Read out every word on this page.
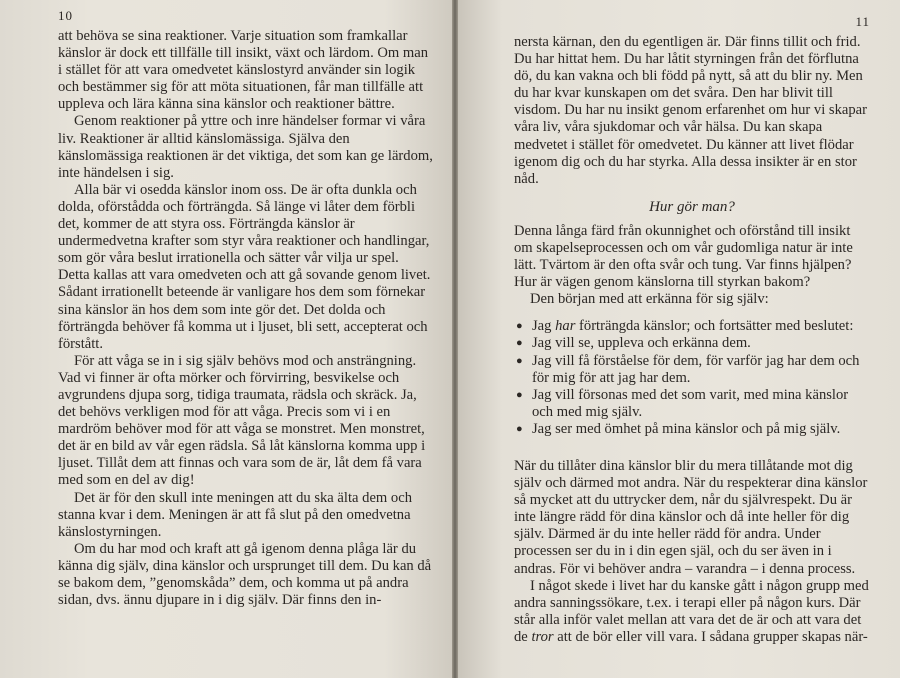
10

att behöva se sina reaktioner. Varje situation som framkallar känslor är dock ett tillfälle till insikt, växt och lärdom. Om man i stället för att vara omedvetet känslostyrd använder sin logik och bestämmer sig för att möta situationen, får man tillfälle att uppleva och lära känna sina känslor och reaktioner bättre.

Genom reaktioner på yttre och inre händelser formar vi våra liv. Reaktioner är alltid känslomässiga. Själva den känslomässiga reaktionen är det viktiga, det som kan ge lärdom, inte händelsen i sig.

Alla bär vi osedda känslor inom oss. De är ofta dunkla och dolda, oförstådda och förträngda. Så länge vi låter dem förbli det, kommer de att styra oss. Förträngda känslor är undermedvetna krafter som styr våra reaktioner och handlingar, som gör våra beslut irrationella och sätter vår vilja ur spel. Detta kallas att vara omedveten och att gå sovande genom livet. Sådant irrationellt beteende är vanligare hos dem som förnekar sina känslor än hos dem som inte gör det. Det dolda och förträngda behöver få komma ut i ljuset, bli sett, accepterat och förstått.

För att våga se in i sig själv behövs mod och ansträngning. Vad vi finner är ofta mörker och förvirring, besvikelse och avgrundens djupa sorg, tidiga traumata, rädsla och skräck. Ja, det behövs verkligen mod för att våga. Precis som vi i en mardröm behöver mod för att våga se monstret. Men monstret, det är en bild av vår egen rädsla. Så låt känslorna komma upp i ljuset. Tillåt dem att finnas och vara som de är, låt dem få vara med som en del av dig!

Det är för den skull inte meningen att du ska älta dem och stanna kvar i dem. Meningen är att få slut på den omedvetna känslostyrningen.

Om du har mod och kraft att gå igenom denna plåga lär du känna dig själv, dina känslor och ursprunget till dem. Du kan då se bakom dem, ”genomskåda” dem, och komma ut på andra sidan, dvs. ännu djupare in i dig själv. Där finns den in-

11

nersta kärnan, den du egentligen är. Där finns tillit och frid. Du har hittat hem. Du har låtit styrningen från det förflutna dö, du kan vakna och bli född på nytt, så att du blir ny. Men du har kvar kunskapen om det svåra. Den har blivit till visdom. Du har nu insikt genom erfarenhet om hur vi skapar våra liv, våra sjukdomar och vår hälsa. Du kan skapa medvetet i stället för omedvetet. Du känner att livet flödar igenom dig och du har styrka. Alla dessa insikter är en stor nåd.

Hur gör man?

Denna långa färd från okunnighet och oförstånd till insikt om skapelseprocessen och om vår gudomliga natur är inte lätt. Tvärtom är den ofta svår och tung. Var finns hjälpen? Hur är vägen genom känslorna till styrkan bakom?

Den början med att erkänna för sig själv:

● Jag har förträngda känslor; och fortsätter med beslutet:
● Jag vill se, uppleva och erkänna dem.
● Jag vill få förståelse för dem, för varför jag har dem och för mig för att jag har dem.
● Jag vill försonas med det som varit, med mina känslor och med mig själv.
● Jag ser med ömhet på mina känslor och på mig själv.

När du tillåter dina känslor blir du mera tillåtande mot dig själv och därmed mot andra. När du respekterar dina känslor så mycket att du uttrycker dem, når du självrespekt. Du är inte längre rädd för dina känslor och då inte heller för dig själv. Därmed är du inte heller rädd för andra. Under processen ser du in i din egen själ, och du ser även in i andras. För vi behöver andra – varandra – i denna process.

I något skede i livet har du kanske gått i någon grupp med andra sanningssökare, t.ex. i terapi eller på någon kurs. Där står alla inför valet mellan att vara det de är och att vara det de tror att de bör eller vill vara. I sådana grupper skapas när-
